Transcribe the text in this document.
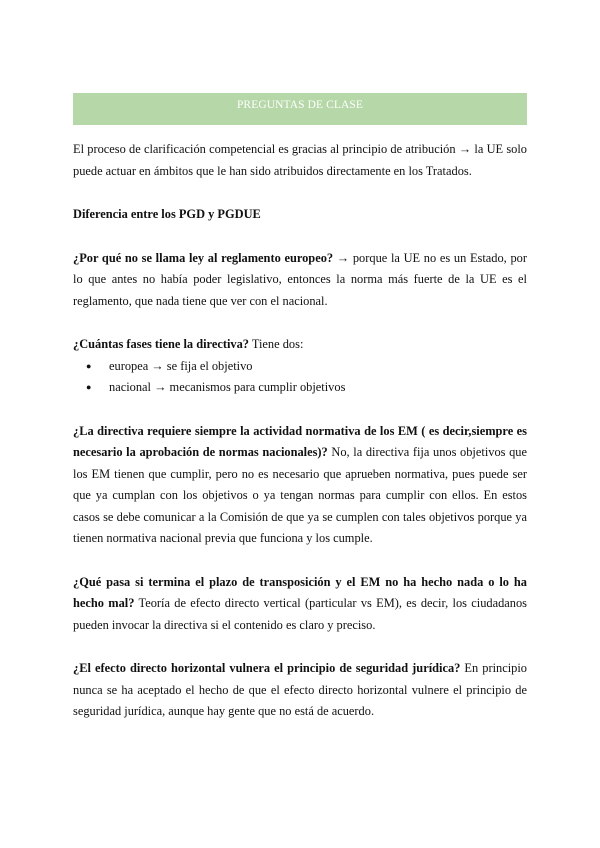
PREGUNTAS DE CLASE

El proceso de clarificación competencial es gracias al principio de atribución → la UE solo puede actuar en ámbitos que le han sido atribuidos directamente en los Tratados.

Diferencia entre los PGD y PGDUE

¿Por qué no se llama ley al reglamento europeo? → porque la UE no es un Estado, por lo que antes no había poder legislativo, entonces la norma más fuerte de la UE es el reglamento, que nada tiene que ver con el nacional.

¿Cuántas fases tiene la directiva? Tiene dos:

● europea → se fija el objetivo
● nacional → mecanismos para cumplir objetivos

¿La directiva requiere siempre la actividad normativa de los EM ( es decir,siempre es necesario la aprobación de normas nacionales)? No, la directiva fija unos objetivos que los EM tienen que cumplir, pero no es necesario que aprueben normativa, pues puede ser que ya cumplan con los objetivos o ya tengan normas para cumplir con ellos. En estos casos se debe comunicar a la Comisión de que ya se cumplen con tales objetivos porque ya tienen normativa nacional previa que funciona y los cumple.

¿Qué pasa si termina el plazo de transposición y el EM no ha hecho nada o lo ha hecho mal? Teoría de efecto directo vertical (particular vs EM), es decir, los ciudadanos pueden invocar la directiva si el contenido es claro y preciso.

¿El efecto directo horizontal vulnera el principio de seguridad jurídica? En principio nunca se ha aceptado el hecho de que el efecto directo horizontal vulnere el principio de seguridad jurídica, aunque hay gente que no está de acuerdo.
